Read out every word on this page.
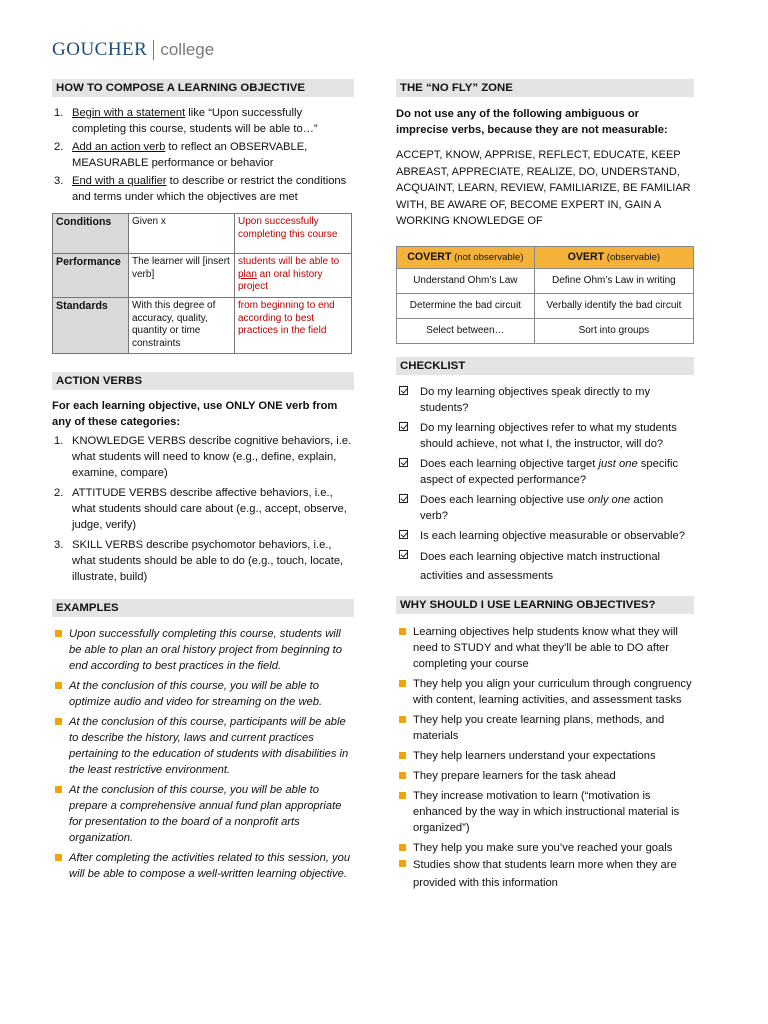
GOUCHER college
HOW TO COMPOSE A LEARNING OBJECTIVE
1. Begin with a statement like “Upon successfully completing this course, students will be able to…”
2. Add an action verb to reflect an OBSERVABLE, MEASURABLE performance or behavior
3. End with a qualifier to describe or restrict the conditions and terms under which the objectives are met
Conditions	Given x	Upon successfully completing this course
Performance	The learner will [insert verb]	students will be able to plan an oral history project
Standards	With this degree of accuracy, quality, quantity or time constraints	from beginning to end according to best practices in the field
ACTION VERBS
For each learning objective, use ONLY ONE verb from any of these categories:
1. KNOWLEDGE VERBS describe cognitive behaviors, i.e. what students will need to know (e.g., define, explain, examine, compare)
2. ATTITUDE VERBS describe affective behaviors, i.e., what students should care about (e.g., accept, observe, judge, verify)
3. SKILL VERBS describe psychomotor behaviors, i.e., what students should be able to do (e.g., touch, locate, illustrate, build)
EXAMPLES
Upon successfully completing this course, students will be able to plan an oral history project from beginning to end according to best practices in the field.
At the conclusion of this course, you will be able to optimize audio and video for streaming on the web.
At the conclusion of this course, participants will be able to describe the history, laws and current practices pertaining to the education of students with disabilities in the least restrictive environment.
At the conclusion of this course, you will be able to prepare a comprehensive annual fund plan appropriate for presentation to the board of a nonprofit arts organization.
After completing the activities related to this session, you will be able to compose a well-written learning objective.
THE “NO FLY” ZONE
Do not use any of the following ambiguous or imprecise verbs, because they are not measurable:
ACCEPT, KNOW, APPRISE, REFLECT, EDUCATE, KEEP ABREAST, APPRECIATE, REALIZE, DO, UNDERSTAND, ACQUAINT, LEARN, REVIEW, FAMILIARIZE, BE FAMILIAR WITH, BE AWARE OF, BECOME EXPERT IN, GAIN A WORKING KNOWLEDGE OF
COVERT (not observable)	OVERT (observable)
Understand Ohm’s Law	Define Ohm’s Law in writing
Determine the bad circuit	Verbally identify the bad circuit
Select between…	Sort into groups
CHECKLIST
Do my learning objectives speak directly to my students?
Do my learning objectives refer to what my students should achieve, not what I, the instructor, will do?
Does each learning objective target just one specific aspect of expected performance?
Does each learning objective use only one action verb?
Is each learning objective measurable or observable?
Does each learning objective match instructional activities and assessments
WHY SHOULD I USE LEARNING OBJECTIVES?
Learning objectives help students know what they will need to STUDY and what they’ll be able to DO after completing your course
They help you align your curriculum through congruency with content, learning activities, and assessment tasks
They help you create learning plans, methods, and materials
They help learners understand your expectations
They prepare learners for the task ahead
They increase motivation to learn (“motivation is enhanced by the way in which instructional material is organized”)
They help you make sure you’ve reached your goals
Studies show that students learn more when they are provided with this information
